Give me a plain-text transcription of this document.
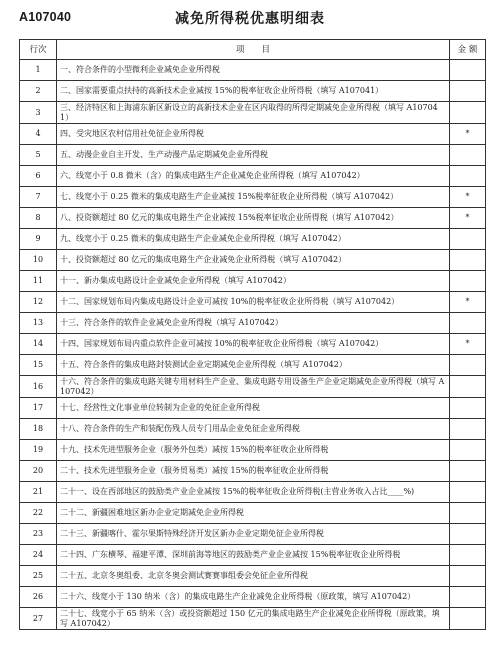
A107040	减免所得税优惠明细表
行次	项　　目	金 额
1	一、符合条件的小型微利企业减免企业所得税	
2	二、国家需要重点扶持的高新技术企业减按 15%的税率征收企业所得税（填写 A107041）	
3	三、经济特区和上海浦东新区新设立的高新技术企业在区内取得的所得定期减免企业所得税（填写 A107041）	
4	四、受灾地区农村信用社免征企业所得税	*
5	五、动漫企业自主开发、生产动漫产品定期减免企业所得税	
6	六、线宽小于 0.8 微米（含）的集成电路生产企业减免企业所得税（填写 A107042）	
7	七、线宽小于 0.25 微米的集成电路生产企业减按 15%税率征收企业所得税（填写 A107042）	*
8	八、投资额超过 80 亿元的集成电路生产企业减按 15%税率征收企业所得税（填写 A107042）	*
9	九、线宽小于 0.25 微米的集成电路生产企业减免企业所得税（填写 A107042）	
10	十、投资额超过 80 亿元的集成电路生产企业减免企业所得税（填写 A107042）	
11	十一、新办集成电路设计企业减免企业所得税（填写 A107042）	
12	十二、国家规划布局内集成电路设计企业可减按 10%的税率征收企业所得税（填写 A107042）	*
13	十三、符合条件的软件企业减免企业所得税（填写 A107042）	
14	十四、国家规划布局内重点软件企业可减按 10%的税率征收企业所得税（填写 A107042）	*
15	十五、符合条件的集成电路封装测试企业定期减免企业所得税（填写 A107042）	
16	十六、符合条件的集成电路关键专用材料生产企业、集成电路专用设备生产企业定期减免企业所得税（填写 A107042）	
17	十七、经营性文化事业单位转制为企业的免征企业所得税	
18	十八、符合条件的生产和装配伤残人员专门用品企业免征企业所得税	
19	十九、技术先进型服务企业（服务外包类）减按 15%的税率征收企业所得税	
20	二十、技术先进型服务企业（服务贸易类）减按 15%的税率征收企业所得税	
21	二十一、设在西部地区的鼓励类产业企业减按 15%的税率征收企业所得税(主营业务收入占比____%)	
22	二十二、新疆困难地区新办企业定期减免企业所得税	
23	二十三、新疆喀什、霍尔果斯特殊经济开发区新办企业定期免征企业所得税	
24	二十四、广东横琴、福建平潭、深圳前海等地区的鼓励类产业企业减按 15%税率征收企业所得税	
25	二十五、北京冬奥组委、北京冬奥会测试赛赛事组委会免征企业所得税	
26	二十六、线宽小于 130 纳米（含）的集成电路生产企业减免企业所得税（原政策，填写 A107042）	
27	二十七、线宽小于 65 纳米（含）或投资额超过 150 亿元的集成电路生产企业减免企业所得税（原政策，填写 A107042）	
